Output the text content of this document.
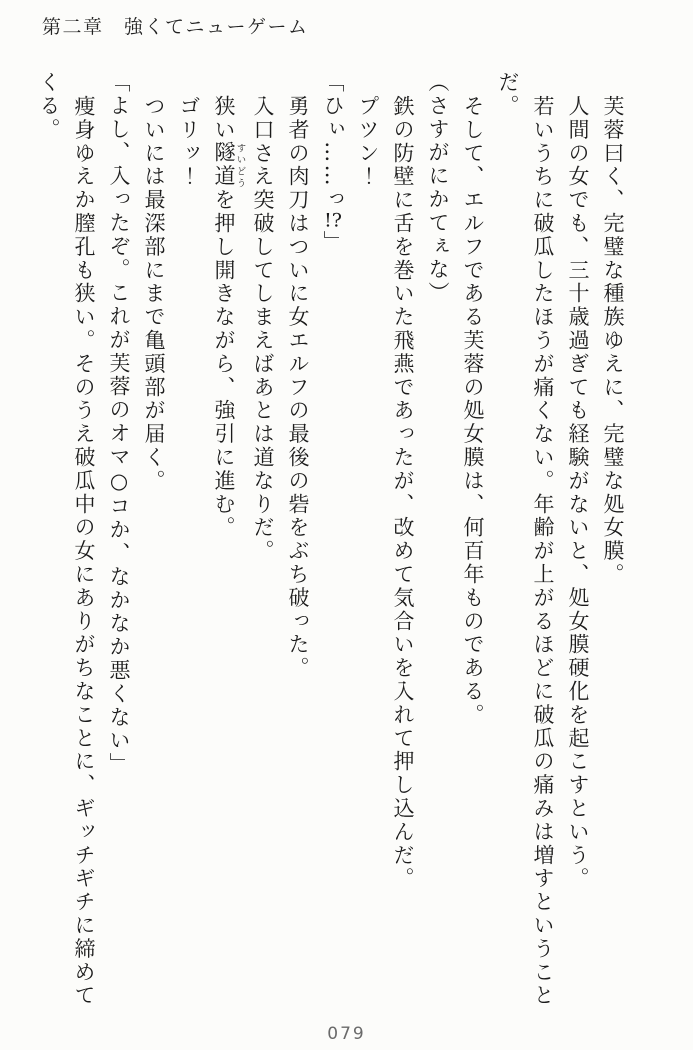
第二章　強くてニューゲーム

芙蓉曰く、完璧な種族ゆえに、完璧な処女膜。

人間の女でも、三十歳過ぎても経験がないと、処女膜硬化を起こすという。

若いうちに破瓜したほうが痛くない。年齢が上がるほどに破瓜の痛みは増すということ

だ。

そして、エルフである芙蓉の処女膜は、何百年ものである。

（さすがにかてぇな）

鉄の防壁に舌を巻いた飛燕であったが、改めて気合いを入れて押し込んだ。

プツン！

「ひぃ……っ!?」

勇者の肉刀はついに女エルフの最後の砦をぶち破った。

入口さえ突破してしまえばあとは道なりだ。

狭い隧道すいどうを押し開きながら、強引に進む。

ゴリッ！

ついには最深部にまで亀頭部が届く。

「よし、入ったぞ。これが芙蓉のオマ○コか、なかなか悪くない」

痩身ゆえか膣孔も狭い。そのうえ破瓜中の女にありがちなことに、ギッチギチに締めて

くる。

079
